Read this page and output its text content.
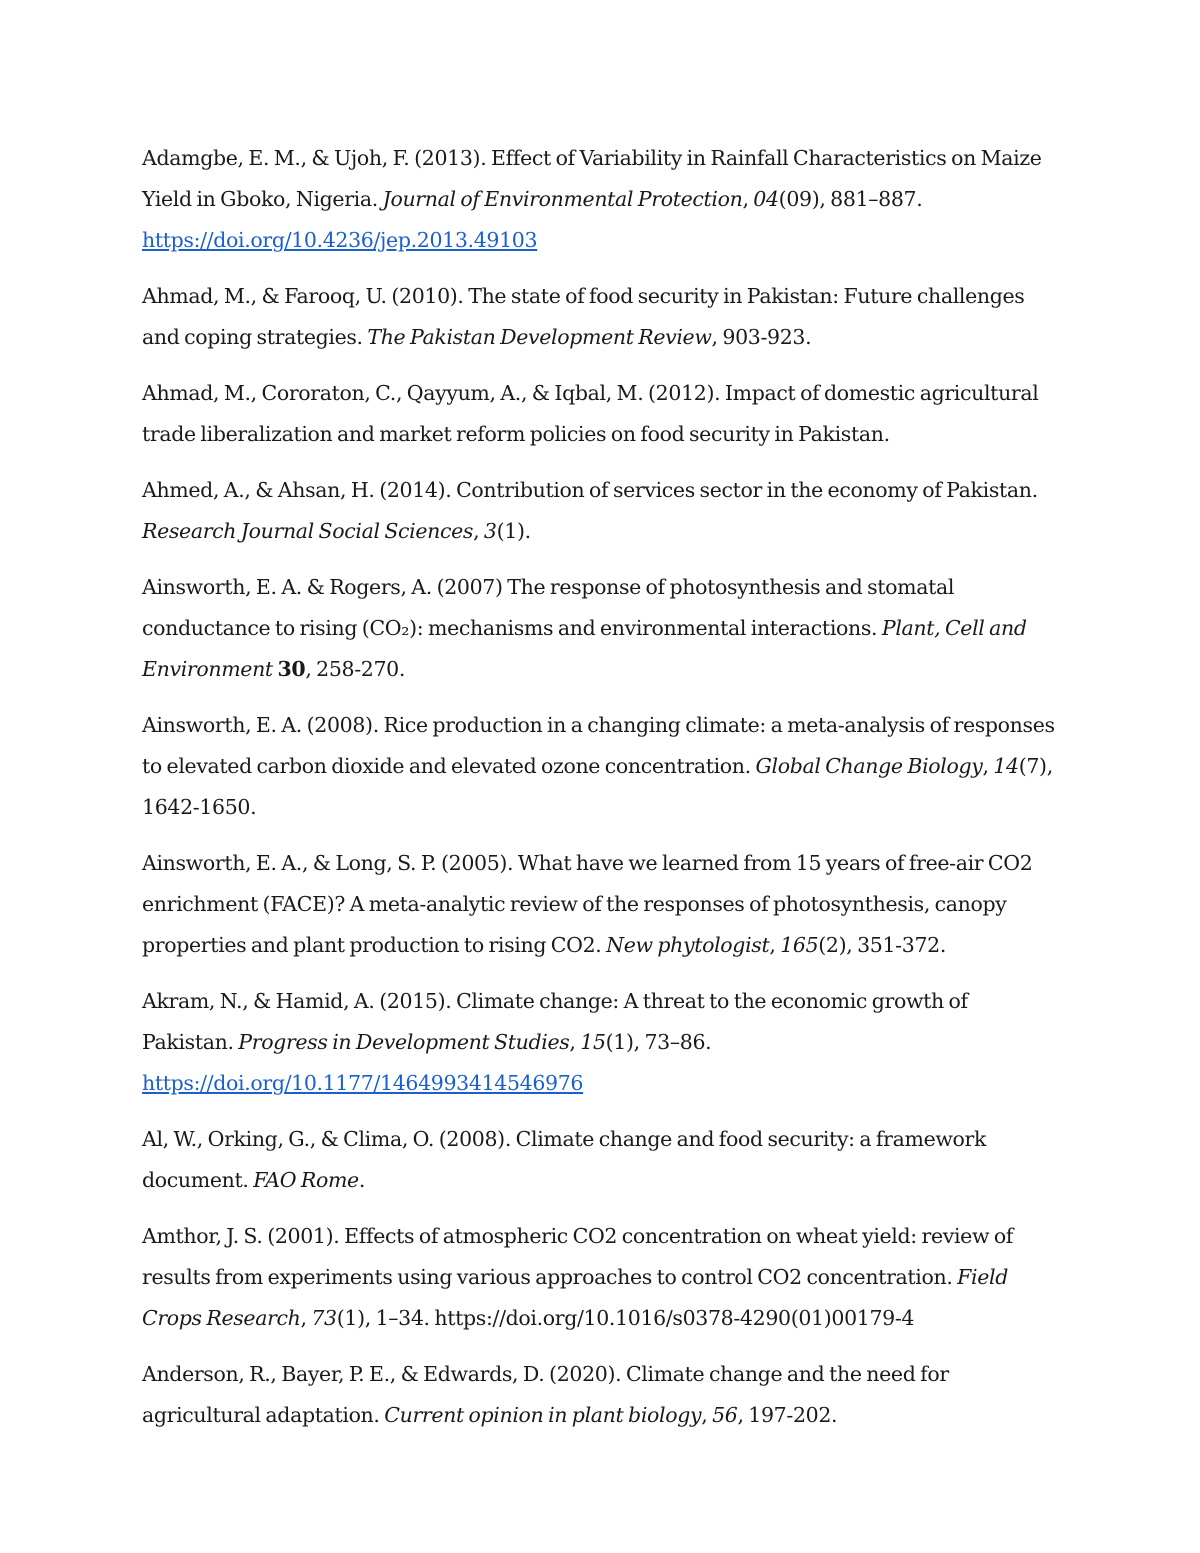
Adamgbe, E. M., & Ujoh, F. (2013). Effect of Variability in Rainfall Characteristics on Maize Yield in Gboko, Nigeria. Journal of Environmental Protection, 04(09), 881–887.
https://doi.org/10.4236/jep.2013.49103

Ahmad, M., & Farooq, U. (2010). The state of food security in Pakistan: Future challenges and coping strategies. The Pakistan Development Review, 903-923.

Ahmad, M., Cororaton, C., Qayyum, A., & Iqbal, M. (2012). Impact of domestic agricultural trade liberalization and market reform policies on food security in Pakistan.

Ahmed, A., & Ahsan, H. (2014). Contribution of services sector in the economy of Pakistan. Research Journal Social Sciences, 3(1).

Ainsworth, E. A. & Rogers, A. (2007) The response of photosynthesis and stomatal conductance to rising (CO₂): mechanisms and environmental interactions. Plant, Cell and Environment 30, 258-270.

Ainsworth, E. A. (2008). Rice production in a changing climate: a meta‐analysis of responses to elevated carbon dioxide and elevated ozone concentration. Global Change Biology, 14(7), 1642-1650.

Ainsworth, E. A., & Long, S. P. (2005). What have we learned from 15 years of free‐air CO2 enrichment (FACE)? A meta‐analytic review of the responses of photosynthesis, canopy properties and plant production to rising CO2. New phytologist, 165(2), 351-372.

Akram, N., & Hamid, A. (2015). Climate change: A threat to the economic growth of Pakistan. Progress in Development Studies, 15(1), 73–86. https://doi.org/10.1177/1464993414546976

Al, W., Orking, G., & Clima, O. (2008). Climate change and food security: a framework document. FAO Rome.

Amthor, J. S. (2001). Effects of atmospheric CO2 concentration on wheat yield: review of results from experiments using various approaches to control CO2 concentration. Field Crops Research, 73(1), 1–34. https://doi.org/10.1016/s0378-4290(01)00179-4

Anderson, R., Bayer, P. E., & Edwards, D. (2020). Climate change and the need for agricultural adaptation. Current opinion in plant biology, 56, 197-202.
